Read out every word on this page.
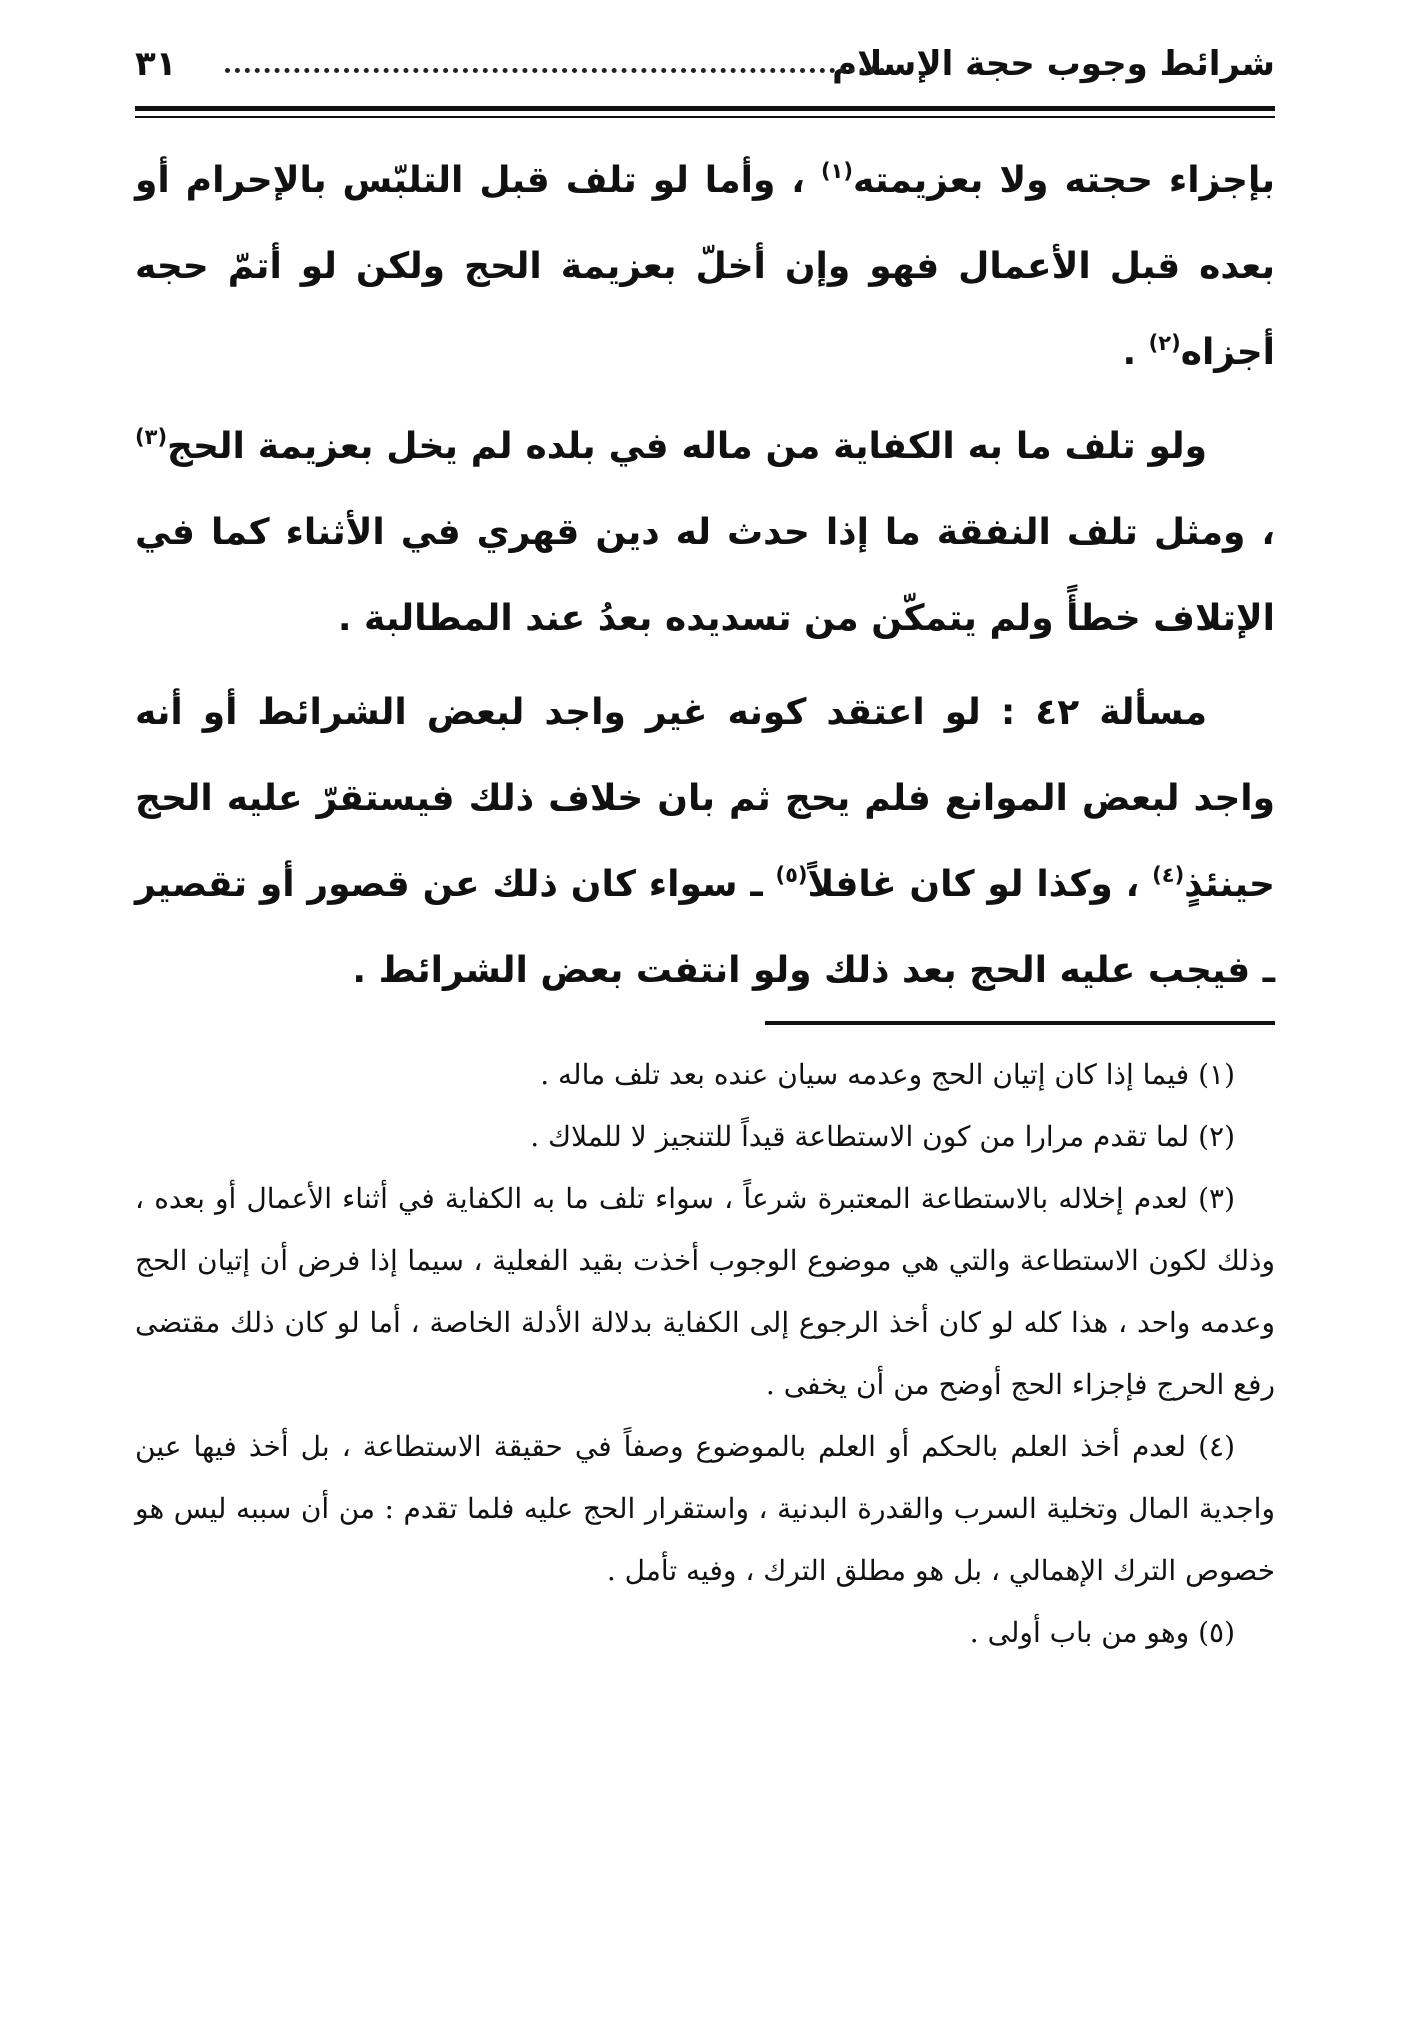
شرائط وجوب حجة الإسلام
٣١

بإجزاء حجته ولا بعزيمته$^{(١)}$ ، وأما لو تلف قبل التلبّس بالإحرام أو بعده قبل الأعمال فهو وإن أخلّ بعزيمة الحج ولكن لو أتمّ حجه أجزاه$^{(٢)}$ .

ولو تلف ما به الكفاية من ماله في بلده لم يخل بعزيمة الحج$^{(٣)}$ ، ومثل تلف النفقة ما إذا حدث له دين قهري في الأثناء كما في الإتلاف خطأً ولم يتمكّن من تسديده بعدُ عند المطالبة .

مسألة ٤٢ : لو اعتقد كونه غير واجد لبعض الشرائط أو أنه واجد لبعض الموانع فلم يحج ثم بان خلاف ذلك فيستقرّ عليه الحج حينئذٍ$^{(٤)}$ ، وكذا لو كان غافلاً$^{(٥)}$ ـ سواء كان ذلك عن قصور أو تقصير ـ فيجب عليه الحج بعد ذلك ولو انتفت بعض الشرائط .

(١) فيما إذا كان إتيان الحج وعدمه سيان عنده بعد تلف ماله .

(٢) لما تقدم مرارا من كون الاستطاعة قيداً للتنجيز لا للملاك .

(٣) لعدم إخلاله بالاستطاعة المعتبرة شرعاً ، سواء تلف ما به الكفاية في أثناء الأعمال أو بعده ، وذلك لكون الاستطاعة والتي هي موضوع الوجوب أخذت بقيد الفعلية ، سيما إذا فرض أن إتيان الحج وعدمه واحد ، هذا كله لو كان أخذ الرجوع إلى الكفاية بدلالة الأدلة الخاصة ، أما لو كان ذلك مقتضى رفع الحرج فإجزاء الحج أوضح من أن يخفى .

(٤) لعدم أخذ العلم بالحكم أو العلم بالموضوع وصفاً في حقيقة الاستطاعة ، بل أخذ فيها عين واجدية المال وتخلية السرب والقدرة البدنية ، واستقرار الحج عليه فلما تقدم : من أن سببه ليس هو خصوص الترك الإهمالي ، بل هو مطلق الترك ، وفيه تأمل .

(٥) وهو من باب أولى .
